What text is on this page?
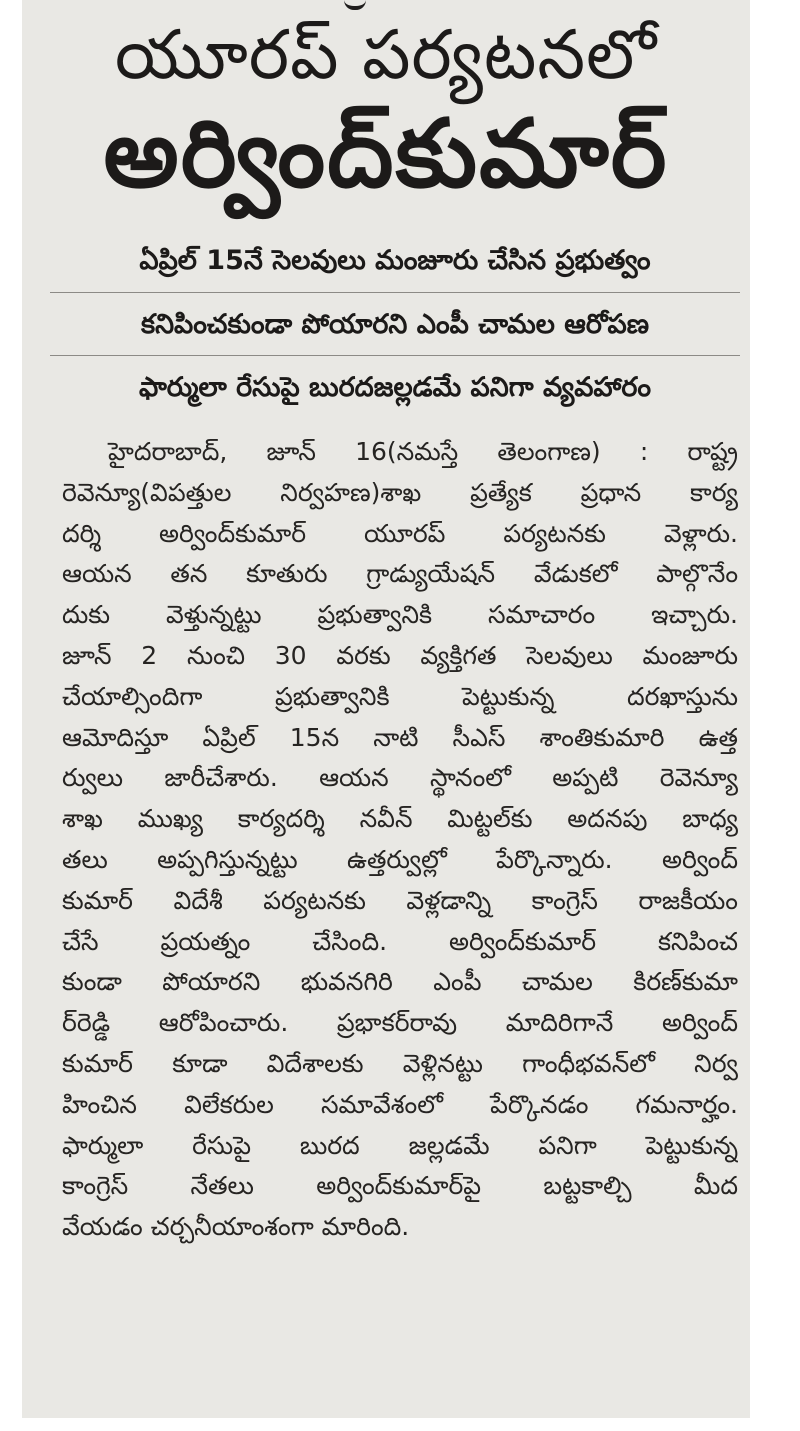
యూరప్ పర్యటనలో
అర్వింద్‌కుమార్
ఏప్రిల్ 15నే సెలవులు మంజూరు చేసిన ప్రభుత్వం
కనిపించకుండా పోయారని ఎంపీ చామల ఆరోపణ
ఫార్ములా రేసుపై బురదజల్లడమే పనిగా వ్యవహారం
హైదరాబాద్, జూన్ 16(నమస్తే తెలంగాణ) : రాష్ట్ర
రెవెన్యూ(విపత్తుల నిర్వహణ)శాఖ ప్రత్యేక ప్రధాన కార్య
దర్శి అర్వింద్‌కుమార్ యూరప్ పర్యటనకు వెళ్లారు.
ఆయన తన కూతురు గ్రాడ్యుయేషన్ వేడుకలో పాల్గొనేం
దుకు వెళ్తున్నట్టు ప్రభుత్వానికి సమాచారం ఇచ్చారు.
జూన్ 2 నుంచి 30 వరకు వ్యక్తిగత సెలవులు మంజూరు
చేయాల్సిందిగా ప్రభుత్వానికి పెట్టుకున్న దరఖాస్తును
ఆమోదిస్తూ ఏప్రిల్ 15న నాటి సీఎస్ శాంతికుమారి ఉత్త
ర్వులు జారీచేశారు. ఆయన స్థానంలో అప్పటి రెవెన్యూ
శాఖ ముఖ్య కార్యదర్శి నవీన్ మిట్టల్‌కు అదనపు బాధ్య
తలు అప్పగిస్తున్నట్టు ఉత్తర్వుల్లో పేర్కొన్నారు. అర్వింద్
కుమార్ విదేశీ పర్యటనకు వెళ్లడాన్ని కాంగ్రెస్ రాజకీయం
చేసే ప్రయత్నం చేసింది. అర్వింద్‌కుమార్ కనిపించ
కుండా పోయారని భువనగిరి ఎంపీ చామల కిరణ్‌కుమా
ర్‌రెడ్డి ఆరోపించారు. ప్రభాకర్‌రావు మాదిరిగానే అర్వింద్
కుమార్ కూడా విదేశాలకు వెళ్లినట్టు గాంధీభవన్‌లో నిర్వ
హించిన విలేకరుల సమావేశంలో పేర్కొనడం గమనార్హం.
ఫార్ములా రేసుపై బురద జల్లడమే పనిగా పెట్టుకున్న
కాంగ్రెస్ నేతలు అర్వింద్‌కుమార్‌పై బట్టకాల్చి మీద
వేయడం చర్చనీయాంశంగా మారింది.
